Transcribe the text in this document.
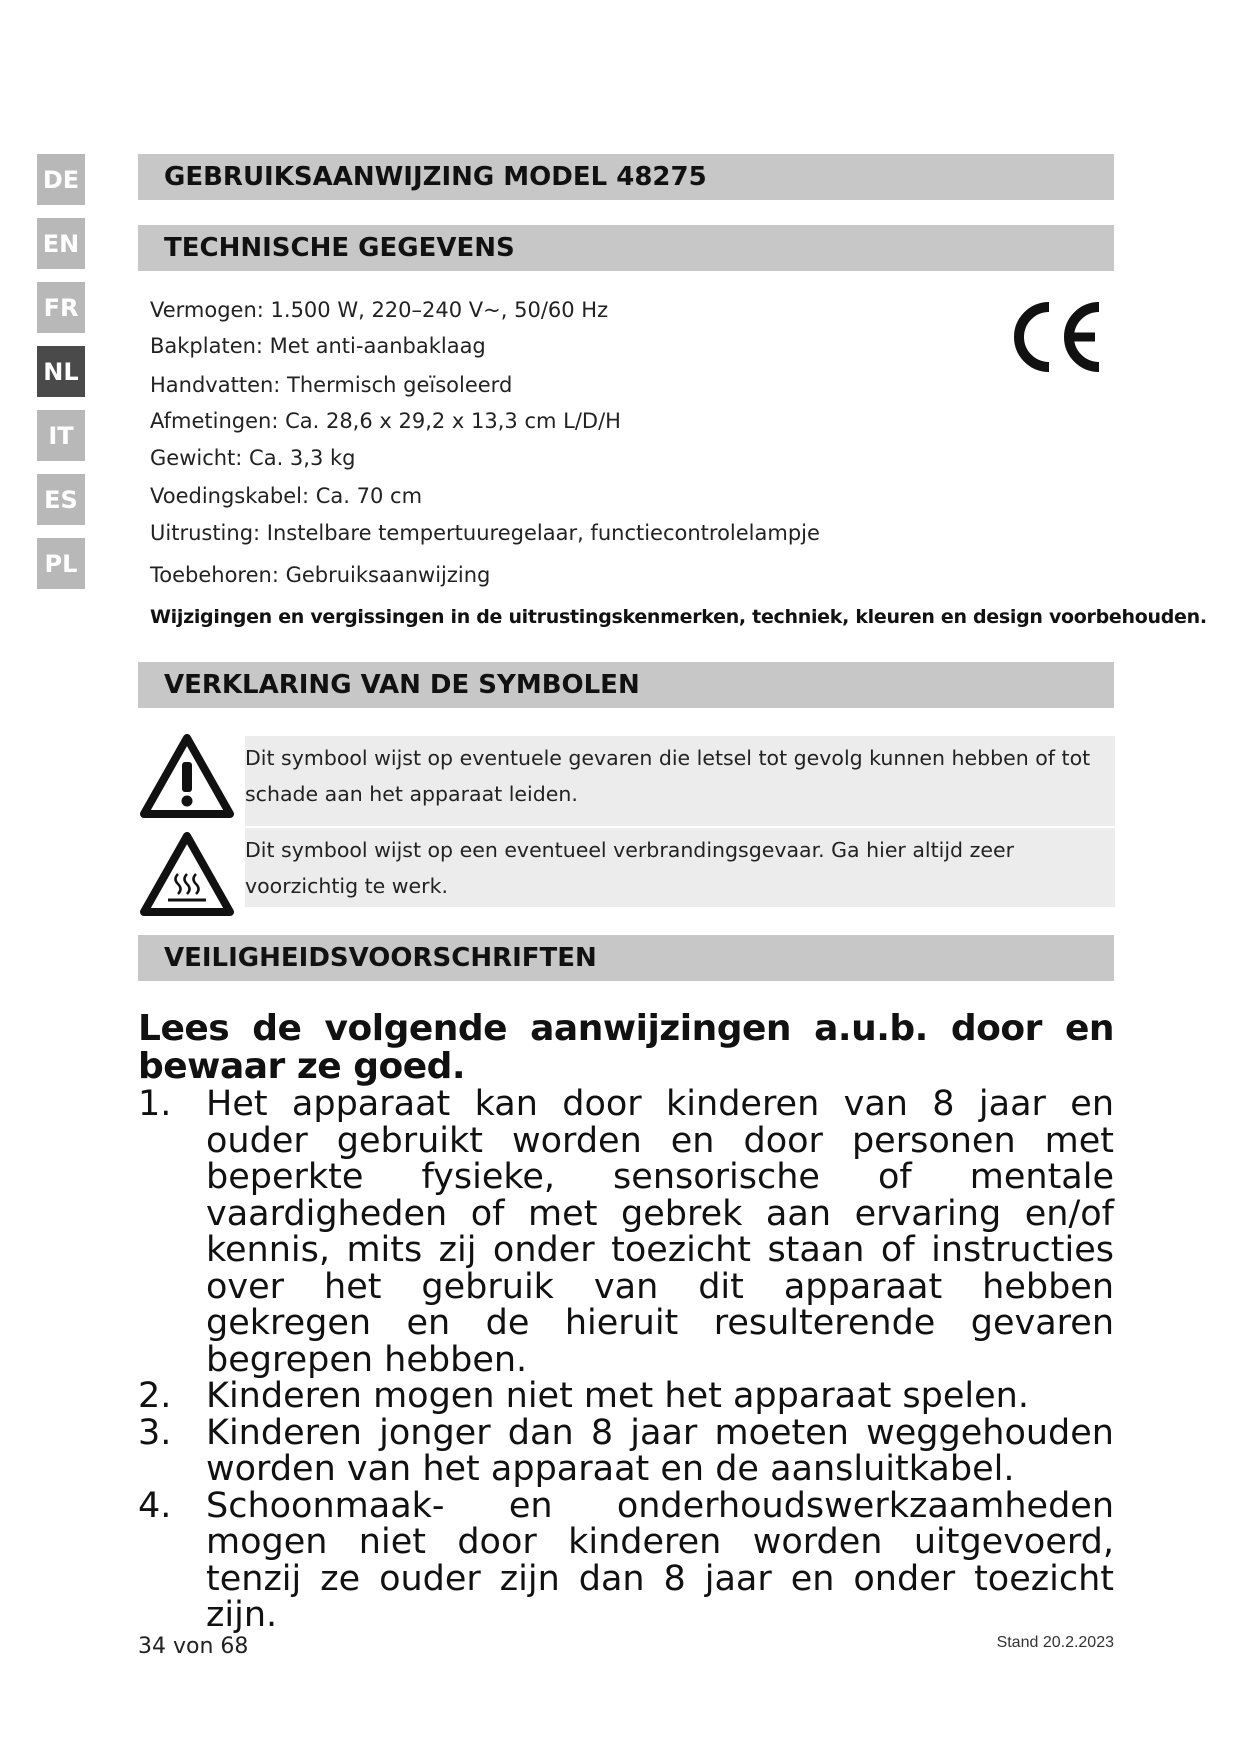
DE
EN
FR
NL
IT
ES
PL
GEBRUIKSAANWIJZING MODEL 48275
TECHNISCHE GEGEVENS
Vermogen: 1.500 W, 220–240 V~, 50/60 Hz
Bakplaten: Met anti-aanbaklaag
Handvatten: Thermisch geïsoleerd
Afmetingen: Ca. 28,6 x 29,2 x 13,3 cm L/D/H
Gewicht: Ca. 3,3 kg
Voedingskabel: Ca. 70 cm
Uitrusting: Instelbare tempertuuregelaar, functiecontrolelampje
Toebehoren: Gebruiksaanwijzing
Wijzigingen en vergissingen in de uitrustingskenmerken, techniek, kleuren en design voorbehouden.
VERKLARING VAN DE SYMBOLEN
Dit symbool wijst op eventuele gevaren die letsel tot gevolg kunnen hebben of tot schade aan het apparaat leiden.
Dit symbool wijst op een eventueel verbrandingsgevaar. Ga hier altijd zeer voorzichtig te werk.
VEILIGHEIDSVOORSCHRIFTEN
Lees de volgende aanwijzingen a.u.b. door en bewaar ze goed.
1. Het apparaat kan door kinderen van 8 jaar en ouder gebruikt worden en door personen met beperkte fysieke, sensorische of mentale vaardigheden of met gebrek aan ervaring en/of kennis, mits zij onder toezicht staan of instructies over het gebruik van dit apparaat hebben gekregen en de hieruit resulterende gevaren begrepen hebben.
2. Kinderen mogen niet met het apparaat spelen.
3. Kinderen jonger dan 8 jaar moeten weggehouden worden van het apparaat en de aansluitkabel.
4. Schoonmaak- en onderhoudswerkzaamheden mogen niet door kinderen worden uitgevoerd, tenzij ze ouder zijn dan 8 jaar en onder toezicht zijn.
34 von 68	Stand 20.2.2023
